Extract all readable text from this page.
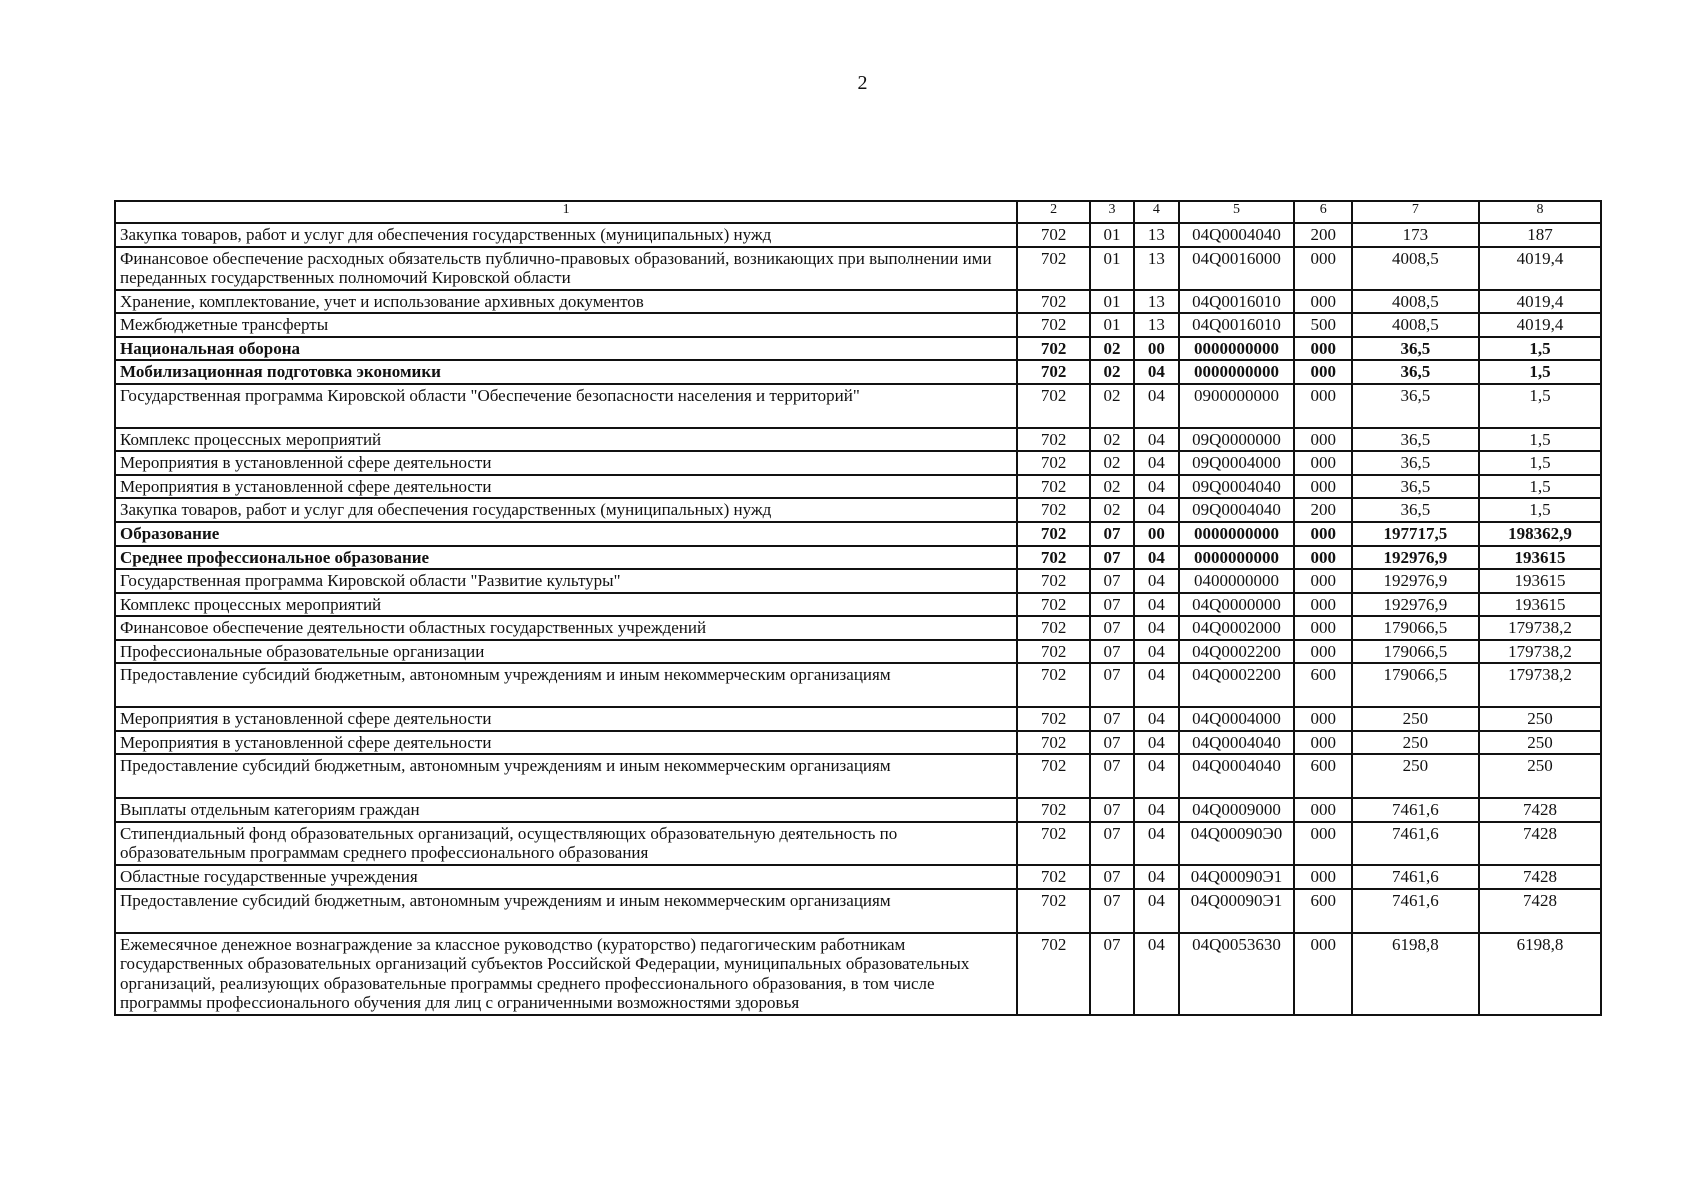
2
1	2	3	4	5	6	7	8
Закупка товаров, работ и услуг для обеспечения государственных (муниципальных) нужд	702	01	13	04Q0004040	200	173	187
Финансовое обеспечение расходных обязательств публично-правовых образований, возникающих при выполнении ими переданных государственных полномочий Кировской области	702	01	13	04Q0016000	000	4008,5	4019,4
Хранение, комплектование, учет и использование архивных документов	702	01	13	04Q0016010	000	4008,5	4019,4
Межбюджетные трансферты	702	01	13	04Q0016010	500	4008,5	4019,4
Национальная оборона	702	02	00	0000000000	000	36,5	1,5
Мобилизационная подготовка экономики	702	02	04	0000000000	000	36,5	1,5
Государственная программа Кировской области "Обеспечение безопасности населения и территорий"	702	02	04	0900000000	000	36,5	1,5
Комплекс процессных мероприятий	702	02	04	09Q0000000	000	36,5	1,5
Мероприятия в установленной сфере деятельности	702	02	04	09Q0004000	000	36,5	1,5
Мероприятия в установленной сфере деятельности	702	02	04	09Q0004040	000	36,5	1,5
Закупка товаров, работ и услуг для обеспечения государственных (муниципальных) нужд	702	02	04	09Q0004040	200	36,5	1,5
Образование	702	07	00	0000000000	000	197717,5	198362,9
Среднее профессиональное образование	702	07	04	0000000000	000	192976,9	193615
Государственная программа Кировской области "Развитие культуры"	702	07	04	0400000000	000	192976,9	193615
Комплекс процессных мероприятий	702	07	04	04Q0000000	000	192976,9	193615
Финансовое обеспечение деятельности областных государственных учреждений	702	07	04	04Q0002000	000	179066,5	179738,2
Профессиональные образовательные организации	702	07	04	04Q0002200	000	179066,5	179738,2
Предоставление субсидий бюджетным, автономным учреждениям и иным некоммерческим организациям	702	07	04	04Q0002200	600	179066,5	179738,2
Мероприятия в установленной сфере деятельности	702	07	04	04Q0004000	000	250	250
Мероприятия в установленной сфере деятельности	702	07	04	04Q0004040	000	250	250
Предоставление субсидий бюджетным, автономным учреждениям и иным некоммерческим организациям	702	07	04	04Q0004040	600	250	250
Выплаты отдельным категориям граждан	702	07	04	04Q0009000	000	7461,6	7428
Стипендиальный фонд образовательных организаций, осуществляющих образовательную деятельность по образовательным программам среднего профессионального образования	702	07	04	04Q00090Э0	000	7461,6	7428
Областные государственные учреждения	702	07	04	04Q00090Э1	000	7461,6	7428
Предоставление субсидий бюджетным, автономным учреждениям и иным некоммерческим организациям	702	07	04	04Q00090Э1	600	7461,6	7428
Ежемесячное денежное вознаграждение за классное руководство (кураторство) педагогическим работникам государственных образовательных организаций субъектов Российской Федерации, муниципальных образовательных организаций, реализующих образовательные программы среднего профессионального образования, в том числе программы профессионального обучения для лиц с ограниченными возможностями здоровья	702	07	04	04Q0053630	000	6198,8	6198,8
